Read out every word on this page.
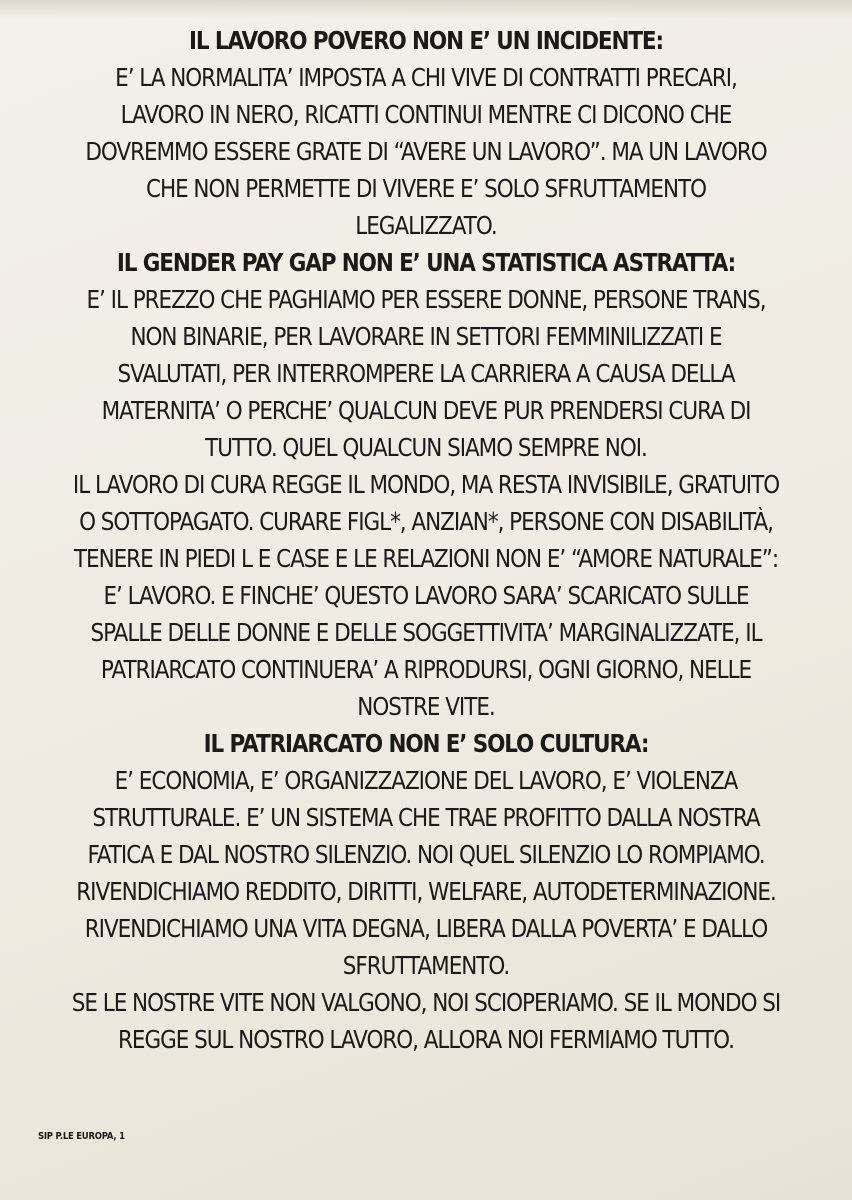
IL LAVORO POVERO NON E’ UN INCIDENTE:
E’ LA NORMALITA’ IMPOSTA A CHI VIVE DI CONTRATTI PRECARI,
LAVORO IN NERO, RICATTI CONTINUI MENTRE CI DICONO CHE
DOVREMMO ESSERE GRATE DI “AVERE UN LAVORO”. MA UN LAVORO
CHE NON PERMETTE DI VIVERE E’ SOLO SFRUTTAMENTO
LEGALIZZATO.
IL GENDER PAY GAP NON E’ UNA STATISTICA ASTRATTA:
E’ IL PREZZO CHE PAGHIAMO PER ESSERE DONNE, PERSONE TRANS,
NON BINARIE, PER LAVORARE IN SETTORI FEMMINILIZZATI E
SVALUTATI, PER INTERROMPERE LA CARRIERA A CAUSA DELLA
MATERNITA’ O PERCHE’ QUALCUN DEVE PUR PRENDERSI CURA DI
TUTTO. QUEL QUALCUN SIAMO SEMPRE NOI.
IL LAVORO DI CURA REGGE IL MONDO, MA RESTA INVISIBILE, GRATUITO
O SOTTOPAGATO. CURARE FIGL*, ANZIAN*, PERSONE CON DISABILITÀ,
TENERE IN PIEDI L E CASE E LE RELAZIONI NON E’ “AMORE NATURALE”:
E’ LAVORO. E FINCHE’ QUESTO LAVORO SARA’ SCARICATO SULLE
SPALLE DELLE DONNE E DELLE SOGGETTIVITA’ MARGINALIZZATE, IL
PATRIARCATO CONTINUERA’ A RIPRODURSI, OGNI GIORNO, NELLE
NOSTRE VITE.
IL PATRIARCATO NON E’ SOLO CULTURA:
E’ ECONOMIA, E’ ORGANIZZAZIONE DEL LAVORO, E’ VIOLENZA
STRUTTURALE. E’ UN SISTEMA CHE TRAE PROFITTO DALLA NOSTRA
FATICA E DAL NOSTRO SILENZIO. NOI QUEL SILENZIO LO ROMPIAMO.
RIVENDICHIAMO REDDITO, DIRITTI, WELFARE, AUTODETERMINAZIONE.
RIVENDICHIAMO UNA VITA DEGNA, LIBERA DALLA POVERTA’ E DALLO
SFRUTTAMENTO.
SE LE NOSTRE VITE NON VALGONO, NOI SCIOPERIAMO. SE IL MONDO SI
REGGE SUL NOSTRO LAVORO, ALLORA NOI FERMIAMO TUTTO.
SIP P.LE EUROPA, 1
